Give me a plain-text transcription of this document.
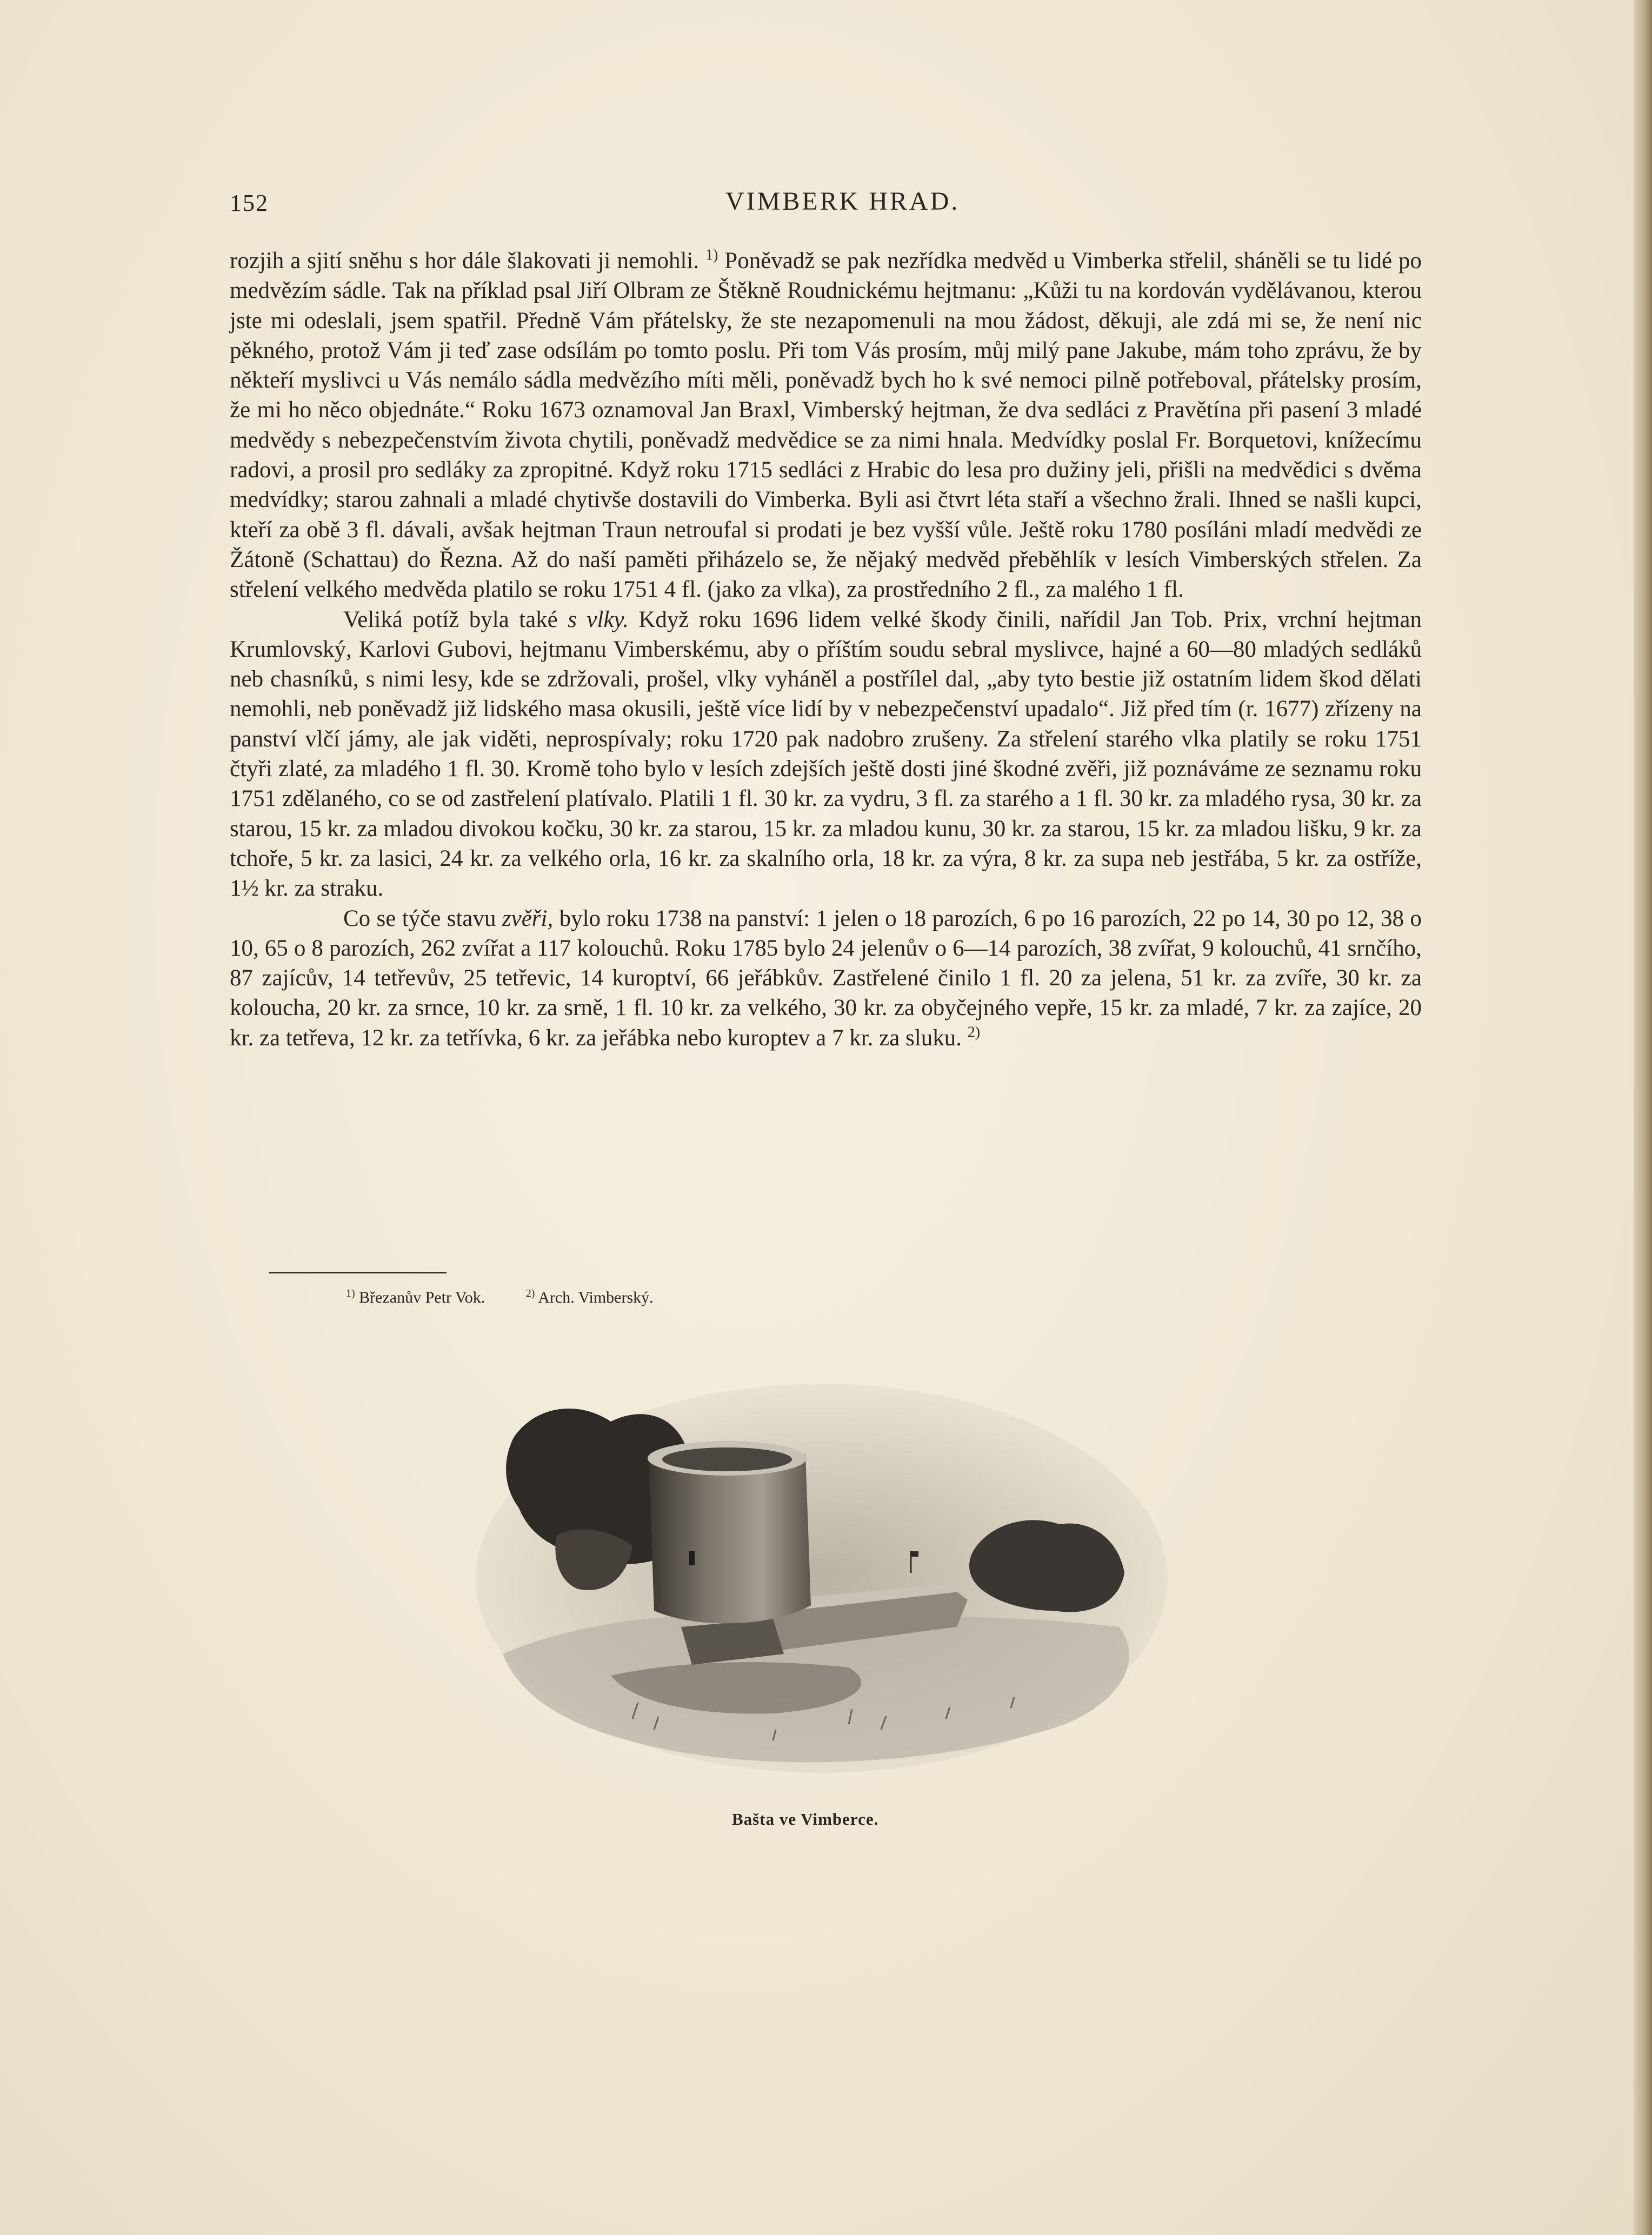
152	VIMBERK HRAD.

rozjih a sjití sněhu s hor dále šlakovati ji nemohli. $^{1)}$ Poněvadž se pak nezřídka medvěd u Vimberka střelil, sháněli se tu lidé po medvězím sádle. Tak na příklad psal Jiří Olbram ze Štěkně Roudnickému hejtmanu: „Kůži tu na kordován vydělávanou, kterou jste mi odeslali, jsem spatřil. Předně Vám přátelsky, že ste nezapomenuli na mou žádost, děkuji, ale zdá mi se, že není nic pěkného, protož Vám ji teď zase odsílám po tomto poslu. Při tom Vás prosím, můj milý pane Jakube, mám toho zprávu, že by někteří myslivci u Vás nemálo sádla medvězího míti měli, poněvadž bych ho k své nemoci pilně potřeboval, přátelsky prosím, že mi ho něco objednáte.“ Roku 1673 oznamoval Jan Braxl, Vimberský hejtman, že dva sedláci z Pravětína při pasení 3 mladé medvědy s nebezpečenstvím života chytili, poněvadž medvědice se za nimi hnala. Medvídky poslal Fr. Borquetovi, knížecímu radovi, a prosil pro sedláky za zpropitné. Když roku 1715 sedláci z Hrabic do lesa pro dužiny jeli, přišli na medvědici s dvěma medvídky; starou zahnali a mladé chytivše dostavili do Vimberka. Byli asi čtvrt léta staří a všechno žrali. Ihned se našli kupci, kteří za obě 3 fl. dávali, avšak hejtman Traun netroufal si prodati je bez vyšší vůle. Ještě roku 1780 posíláni mladí medvědi ze Žátoně (Schattau) do Řezna. Až do naší paměti přiházelo se, že nějaký medvěd přeběhlík v lesích Vimberských střelen. Za střelení velkého medvěda platilo se roku 1751 4 fl. (jako za vlka), za prostředního 2 fl., za malého 1 fl.

Veliká potíž byla také s vlky. Když roku 1696 lidem velké škody činili, nařídil Jan Tob. Prix, vrchní hejtman Krumlovský, Karlovi Gubovi, hejtmanu Vimberskému, aby o příštím soudu sebral myslivce, hajné a 60—80 mladých sedláků neb chasníků, s nimi lesy, kde se zdržovali, prošel, vlky vyháněl a postřílel dal, „aby tyto bestie již ostatním lidem škod dělati nemohli, neb poněvadž již lidského masa okusili, ještě více lidí by v nebezpečenství upadalo“. Již před tím (r. 1677) zřízeny na panství vlčí jámy, ale jak viděti, neprospívaly; roku 1720 pak nadobro zrušeny. Za střelení starého vlka platily se roku 1751 čtyři zlaté, za mladého 1 fl. 30. Kromě toho bylo v lesích zdejších ještě dosti jiné škodné zvěři, již poznáváme ze seznamu roku 1751 zdělaného, co se od zastřelení platívalo. Platili 1 fl. 30 kr. za vydru, 3 fl. za starého a 1 fl. 30 kr. za mladého rysa, 30 kr. za starou, 15 kr. za mladou divokou kočku, 30 kr. za starou, 15 kr. za mladou kunu, 30 kr. za starou, 15 kr. za mladou lišku, 9 kr. za tchoře, 5 kr. za lasici, 24 kr. za velkého orla, 16 kr. za skalního orla, 18 kr. za výra, 8 kr. za supa neb jestřába, 5 kr. za ostříže, 1½ kr. za straku.

Co se týče stavu zvěři, bylo roku 1738 na panství: 1 jelen o 18 parozích, 6 po 16 parozích, 22 po 14, 30 po 12, 38 o 10, 65 o 8 parozích, 262 zvířat a 117 kolouchů. Roku 1785 bylo 24 jelenův o 6—14 parozích, 38 zvířat, 9 kolouchů, 41 srnčího, 87 zajícův, 14 tetřevův, 25 tetřevic, 14 kuroptví, 66 jeřábkův. Zastřelené činilo 1 fl. 20 za jelena, 51 kr. za zvíře, 30 kr. za koloucha, 20 kr. za srnce, 10 kr. za srně, 1 fl. 10 kr. za velkého, 30 kr. za obyčejného vepře, 15 kr. za mladé, 7 kr. za zajíce, 20 kr. za tetřeva, 12 kr. za tetřívka, 6 kr. za jeřábka nebo kuroptev a 7 kr. za sluku. $^{2)}$

$^{1)}$ Březanův Petr Vok.	$^{2)}$ Arch. Vimberský.
Bašta ve Vimberce.
